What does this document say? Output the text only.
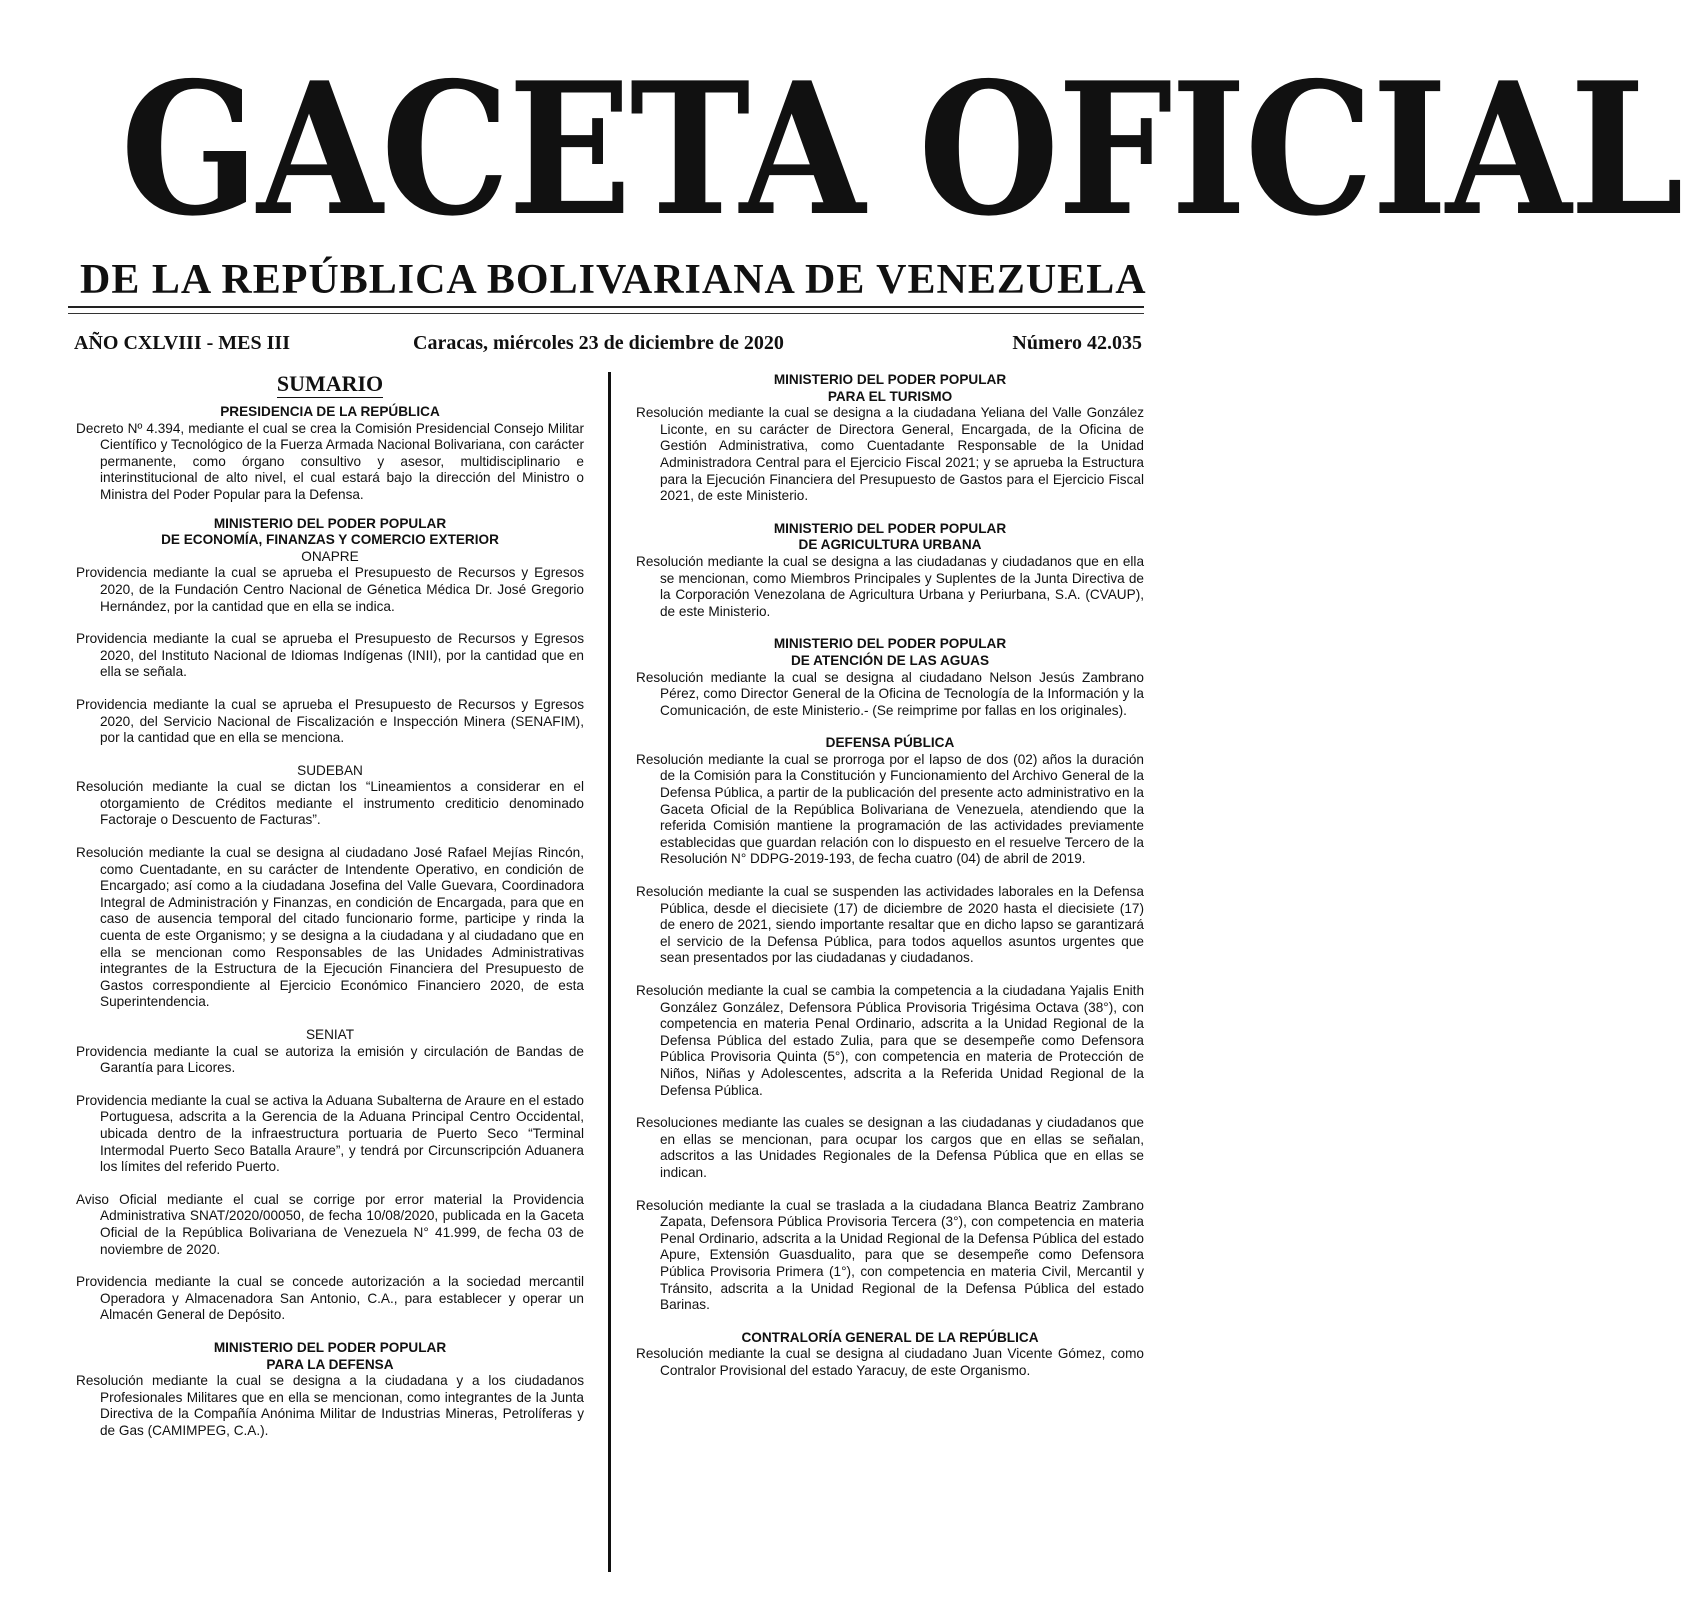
GACETA OFICIAL
DE LA REPÚBLICA BOLIVARIANA DE VENEZUELA
AÑO CXLVIII - MES III	Caracas, miércoles 23 de diciembre de 2020	Número 42.035
SUMARIO
PRESIDENCIA DE LA REPÚBLICA

Decreto Nº 4.394, mediante el cual se crea la Comisión Presidencial Consejo Militar Científico y Tecnológico de la Fuerza Armada Nacional Bolivariana, con carácter permanente, como órgano consultivo y asesor, multidisciplinario e interinstitucional de alto nivel, el cual estará bajo la dirección del Ministro o Ministra del Poder Popular para la Defensa.

MINISTERIO DEL PODER POPULAR
DE ECONOMÍA, FINANZAS Y COMERCIO EXTERIOR
ONAPRE

Providencia mediante la cual se aprueba el Presupuesto de Recursos y Egresos 2020, de la Fundación Centro Nacional de Génetica Médica Dr. José Gregorio Hernández, por la cantidad que en ella se indica.

Providencia mediante la cual se aprueba el Presupuesto de Recursos y Egresos 2020, del Instituto Nacional de Idiomas Indígenas (INII), por la cantidad que en ella se señala.

Providencia mediante la cual se aprueba el Presupuesto de Recursos y Egresos 2020, del Servicio Nacional de Fiscalización e Inspección Minera (SENAFIM), por la cantidad que en ella se menciona.

SUDEBAN

Resolución mediante la cual se dictan los “Lineamientos a considerar en el otorgamiento de Créditos mediante el instrumento crediticio denominado Factoraje o Descuento de Facturas”.

Resolución mediante la cual se designa al ciudadano José Rafael Mejías Rincón, como Cuentadante, en su carácter de Intendente Operativo, en condición de Encargado; así como a la ciudadana Josefina del Valle Guevara, Coordinadora Integral de Administración y Finanzas, en condición de Encargada, para que en caso de ausencia temporal del citado funcionario forme, participe y rinda la cuenta de este Organismo; y se designa a la ciudadana y al ciudadano que en ella se mencionan como Responsables de las Unidades Administrativas integrantes de la Estructura de la Ejecución Financiera del Presupuesto de Gastos correspondiente al Ejercicio Económico Financiero 2020, de esta Superintendencia.

SENIAT

Providencia mediante la cual se autoriza la emisión y circulación de Bandas de Garantía para Licores.

Providencia mediante la cual se activa la Aduana Subalterna de Araure en el estado Portuguesa, adscrita a la Gerencia de la Aduana Principal Centro Occidental, ubicada dentro de la infraestructura portuaria de Puerto Seco “Terminal Intermodal Puerto Seco Batalla Araure”, y tendrá por Circunscripción Aduanera los límites del referido Puerto.

Aviso Oficial mediante el cual se corrige por error material la Providencia Administrativa SNAT/2020/00050, de fecha 10/08/2020, publicada en la Gaceta Oficial de la República Bolivariana de Venezuela N° 41.999, de fecha 03 de noviembre de 2020.

Providencia mediante la cual se concede autorización a la sociedad mercantil Operadora y Almacenadora San Antonio, C.A., para establecer y operar un Almacén General de Depósito.

MINISTERIO DEL PODER POPULAR
PARA LA DEFENSA

Resolución mediante la cual se designa a la ciudadana y a los ciudadanos Profesionales Militares que en ella se mencionan, como integrantes de la Junta Directiva de la Compañía Anónima Militar de Industrias Mineras, Petrolíferas y de Gas (CAMIMPEG, C.A.).

MINISTERIO DEL PODER POPULAR
PARA EL TURISMO

Resolución mediante la cual se designa a la ciudadana Yeliana del Valle González Liconte, en su carácter de Directora General, Encargada, de la Oficina de Gestión Administrativa, como Cuentadante Responsable de la Unidad Administradora Central para el Ejercicio Fiscal 2021; y se aprueba la Estructura para la Ejecución Financiera del Presupuesto de Gastos para el Ejercicio Fiscal 2021, de este Ministerio.

MINISTERIO DEL PODER POPULAR
DE AGRICULTURA URBANA

Resolución mediante la cual se designa a las ciudadanas y ciudadanos que en ella se mencionan, como Miembros Principales y Suplentes de la Junta Directiva de la Corporación Venezolana de Agricultura Urbana y Periurbana, S.A. (CVAUP), de este Ministerio.

MINISTERIO DEL PODER POPULAR
DE ATENCIÓN DE LAS AGUAS

Resolución mediante la cual se designa al ciudadano Nelson Jesús Zambrano Pérez, como Director General de la Oficina de Tecnología de la Información y la Comunicación, de este Ministerio.- (Se reimprime por fallas en los originales).

DEFENSA PÚBLICA

Resolución mediante la cual se prorroga por el lapso de dos (02) años la duración de la Comisión para la Constitución y Funcionamiento del Archivo General de la Defensa Pública, a partir de la publicación del presente acto administrativo en la Gaceta Oficial de la República Bolivariana de Venezuela, atendiendo que la referida Comisión mantiene la programación de las actividades previamente establecidas que guardan relación con lo dispuesto en el resuelve Tercero de la Resolución N° DDPG-2019-193, de fecha cuatro (04) de abril de 2019.

Resolución mediante la cual se suspenden las actividades laborales en la Defensa Pública, desde el diecisiete (17) de diciembre de 2020 hasta el diecisiete (17) de enero de 2021, siendo importante resaltar que en dicho lapso se garantizará el servicio de la Defensa Pública, para todos aquellos asuntos urgentes que sean presentados por las ciudadanas y ciudadanos.

Resolución mediante la cual se cambia la competencia a la ciudadana Yajalis Enith González González, Defensora Pública Provisoria Trigésima Octava (38°), con competencia en materia Penal Ordinario, adscrita a la Unidad Regional de la Defensa Pública del estado Zulia, para que se desempeñe como Defensora Pública Provisoria Quinta (5°), con competencia en materia de Protección de Niños, Niñas y Adolescentes, adscrita a la Referida Unidad Regional de la Defensa Pública.

Resoluciones mediante las cuales se designan a las ciudadanas y ciudadanos que en ellas se mencionan, para ocupar los cargos que en ellas se señalan, adscritos a las Unidades Regionales de la Defensa Pública que en ellas se indican.

Resolución mediante la cual se traslada a la ciudadana Blanca Beatriz Zambrano Zapata, Defensora Pública Provisoria Tercera (3°), con competencia en materia Penal Ordinario, adscrita a la Unidad Regional de la Defensa Pública del estado Apure, Extensión Guasdualito, para que se desempeñe como Defensora Pública Provisoria Primera (1°), con competencia en materia Civil, Mercantil y Tránsito, adscrita a la Unidad Regional de la Defensa Pública del estado Barinas.

CONTRALORÍA GENERAL DE LA REPÚBLICA

Resolución mediante la cual se designa al ciudadano Juan Vicente Gómez, como Contralor Provisional del estado Yaracuy, de este Organismo.
